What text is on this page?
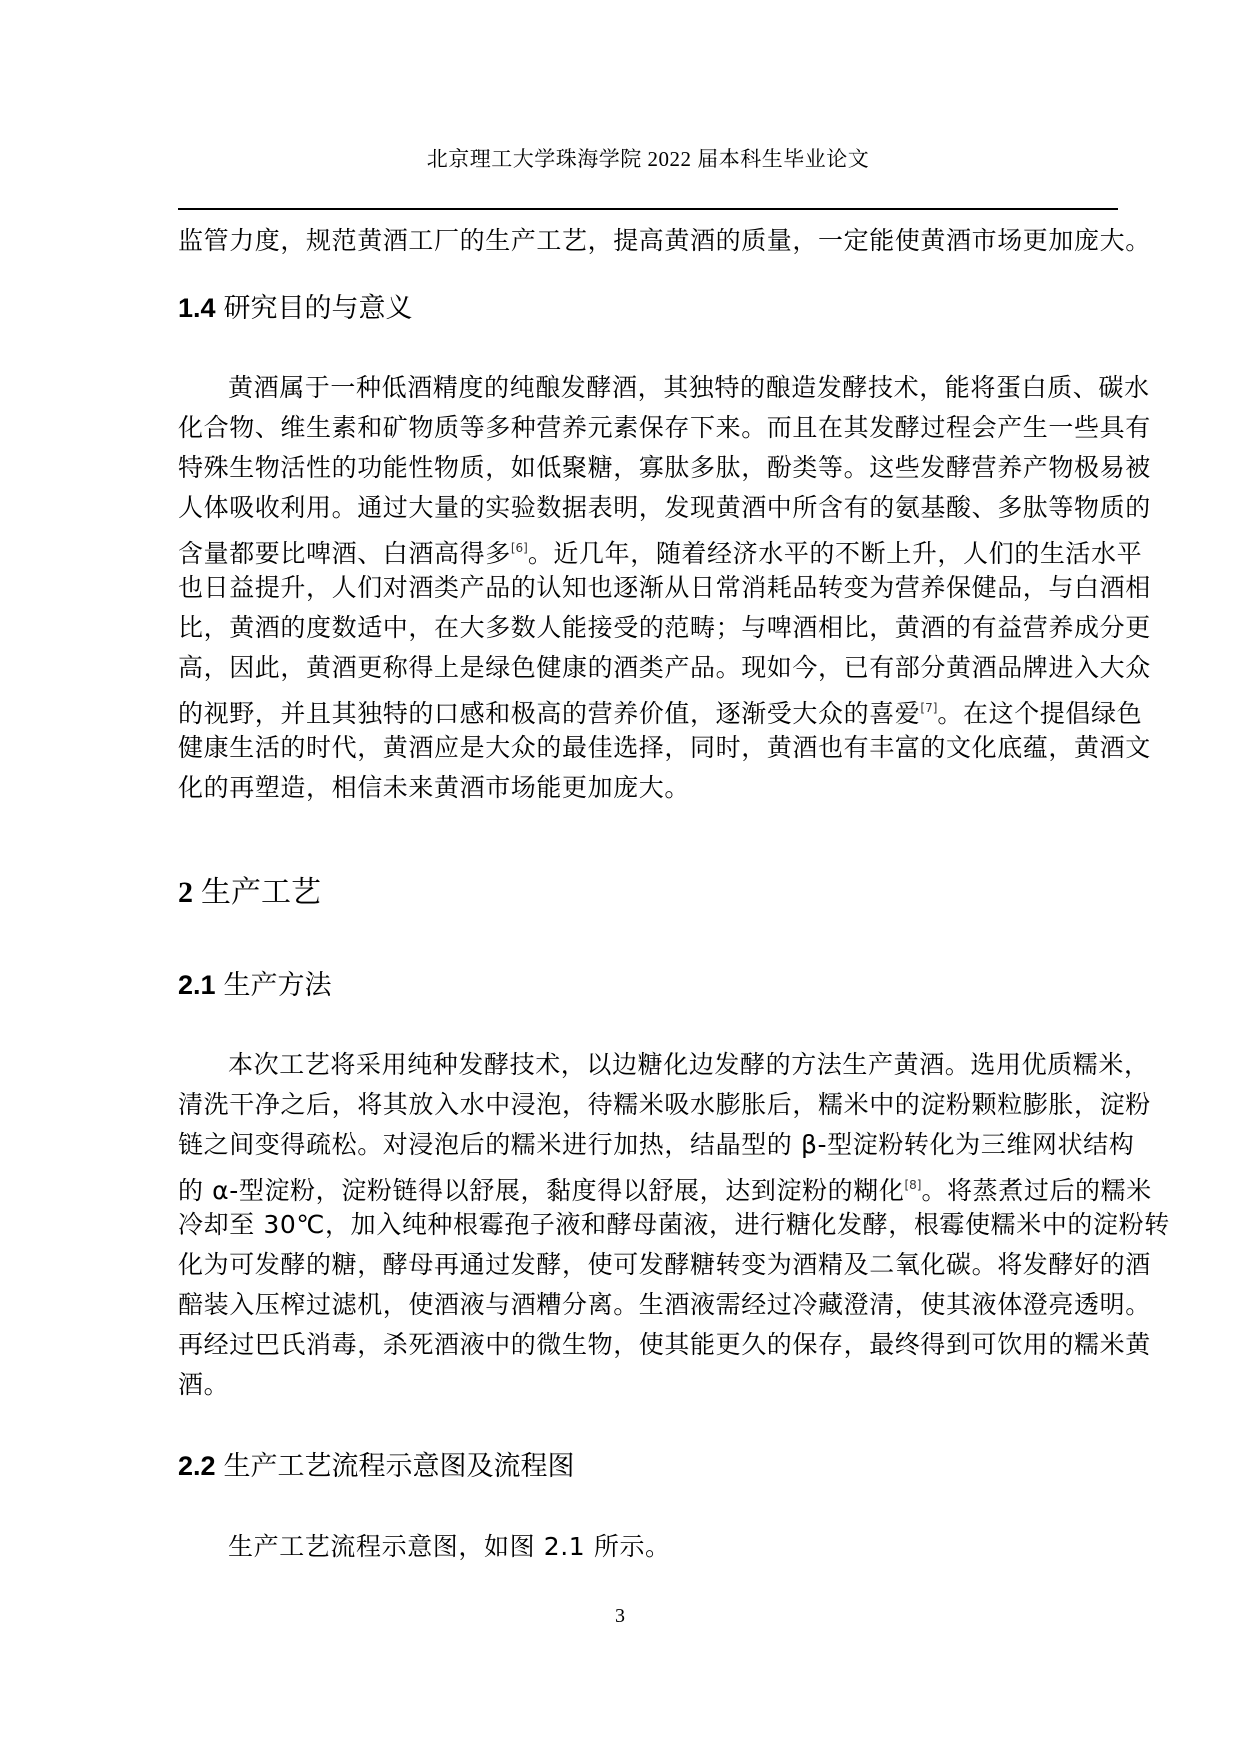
北京理工大学珠海学院 2022 届本科生毕业论文
监管力度，规范黄酒工厂的生产工艺，提高黄酒的质量，一定能使黄酒市场更加庞大。
1.4 研究目的与意义
黄酒属于一种低酒精度的纯酿发酵酒，其独特的酿造发酵技术，能将蛋白质、碳水
化合物、维生素和矿物质等多种营养元素保存下来。而且在其发酵过程会产生一些具有
特殊生物活性的功能性物质，如低聚糖，寡肽多肽，酚类等。这些发酵营养产物极易被
人体吸收利用。通过大量的实验数据表明，发现黄酒中所含有的氨基酸、多肽等物质的
含量都要比啤酒、白酒高得多[6]。近几年，随着经济水平的不断上升，人们的生活水平
也日益提升，人们对酒类产品的认知也逐渐从日常消耗品转变为营养保健品，与白酒相
比，黄酒的度数适中，在大多数人能接受的范畴；与啤酒相比，黄酒的有益营养成分更
高，因此，黄酒更称得上是绿色健康的酒类产品。现如今，已有部分黄酒品牌进入大众
的视野，并且其独特的口感和极高的营养价值，逐渐受大众的喜爱[7]。在这个提倡绿色
健康生活的时代，黄酒应是大众的最佳选择，同时，黄酒也有丰富的文化底蕴，黄酒文
化的再塑造，相信未来黄酒市场能更加庞大。
2 生产工艺
2.1 生产方法
本次工艺将采用纯种发酵技术，以边糖化边发酵的方法生产黄酒。选用优质糯米，
清洗干净之后，将其放入水中浸泡，待糯米吸水膨胀后，糯米中的淀粉颗粒膨胀，淀粉
链之间变得疏松。对浸泡后的糯米进行加热，结晶型的 β-型淀粉转化为三维网状结构
的 α-型淀粉，淀粉链得以舒展，黏度得以舒展，达到淀粉的糊化[8]。将蒸煮过后的糯米
冷却至 30℃，加入纯种根霉孢子液和酵母菌液，进行糖化发酵，根霉使糯米中的淀粉转
化为可发酵的糖，酵母再通过发酵，使可发酵糖转变为酒精及二氧化碳。将发酵好的酒
醅装入压榨过滤机，使酒液与酒糟分离。生酒液需经过冷藏澄清，使其液体澄亮透明。
再经过巴氏消毒，杀死酒液中的微生物，使其能更久的保存，最终得到可饮用的糯米黄
酒。
2.2 生产工艺流程示意图及流程图
生产工艺流程示意图，如图 2.1 所示。
3
